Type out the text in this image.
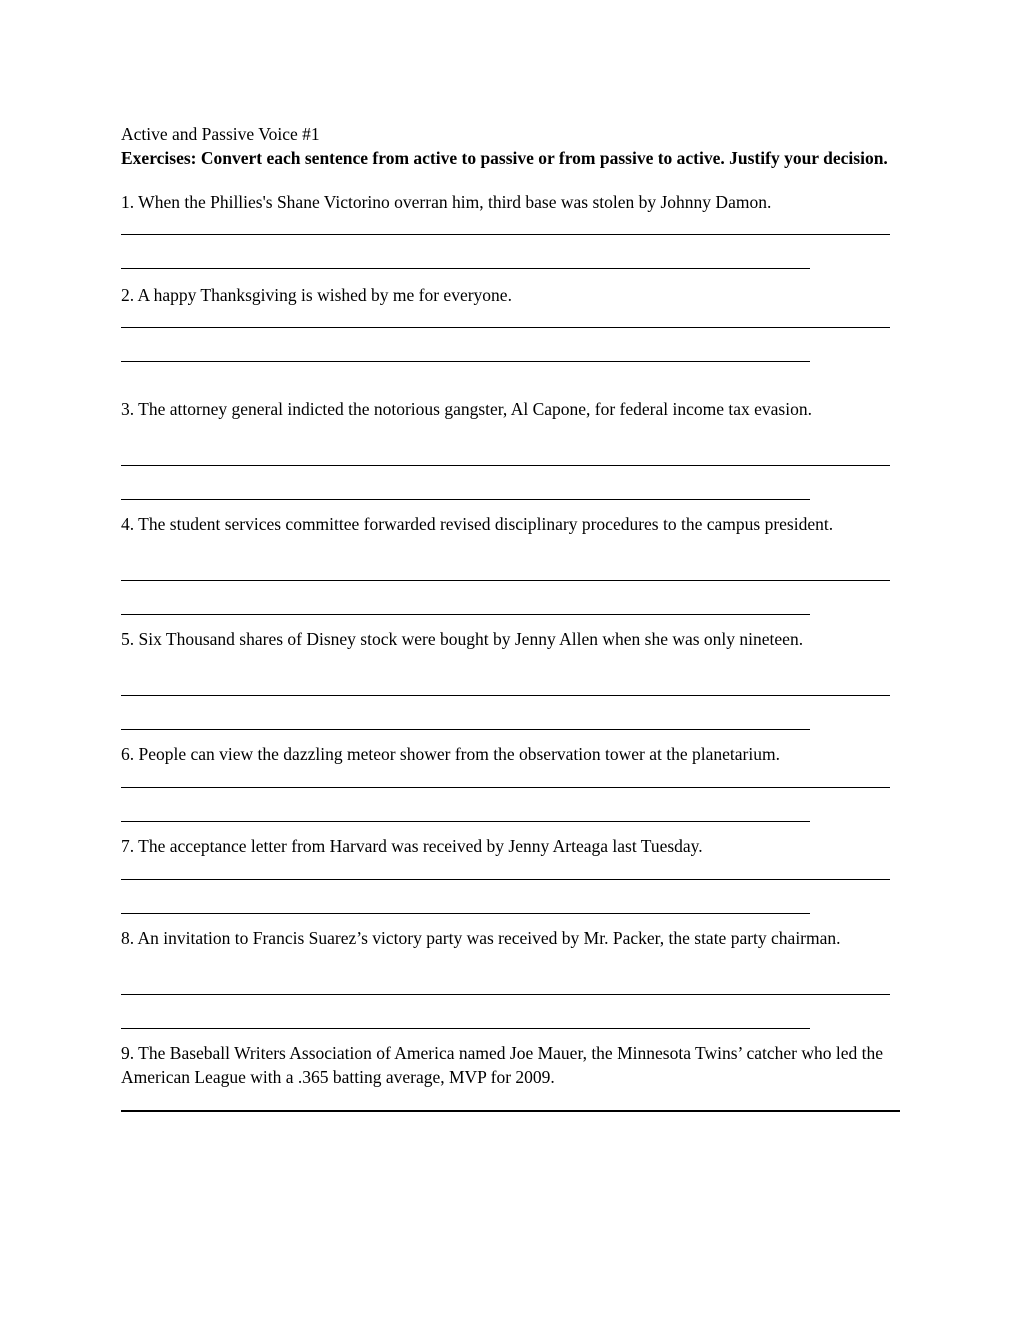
Active and Passive Voice #1

Exercises: Convert each sentence from active to passive or from passive to active. Justify your decision.

1. When the Phillies's Shane Victorino overran him, third base was stolen by Johnny Damon.

2. A happy Thanksgiving is wished by me for everyone.

3. The attorney general indicted the notorious gangster, Al Capone, for federal income tax evasion.

4. The student services committee forwarded revised disciplinary procedures to the campus president.

5. Six Thousand shares of Disney stock were bought by Jenny Allen when she was only nineteen.

6. People can view the dazzling meteor shower from the observation tower at the planetarium.

7. The acceptance letter from Harvard was received by Jenny Arteaga last Tuesday.

8. An invitation to Francis Suarez’s victory party was received by Mr. Packer, the state party chairman.

9. The Baseball Writers Association of America named Joe Mauer, the Minnesota Twins’ catcher who led the American League with a .365 batting average, MVP for 2009.
